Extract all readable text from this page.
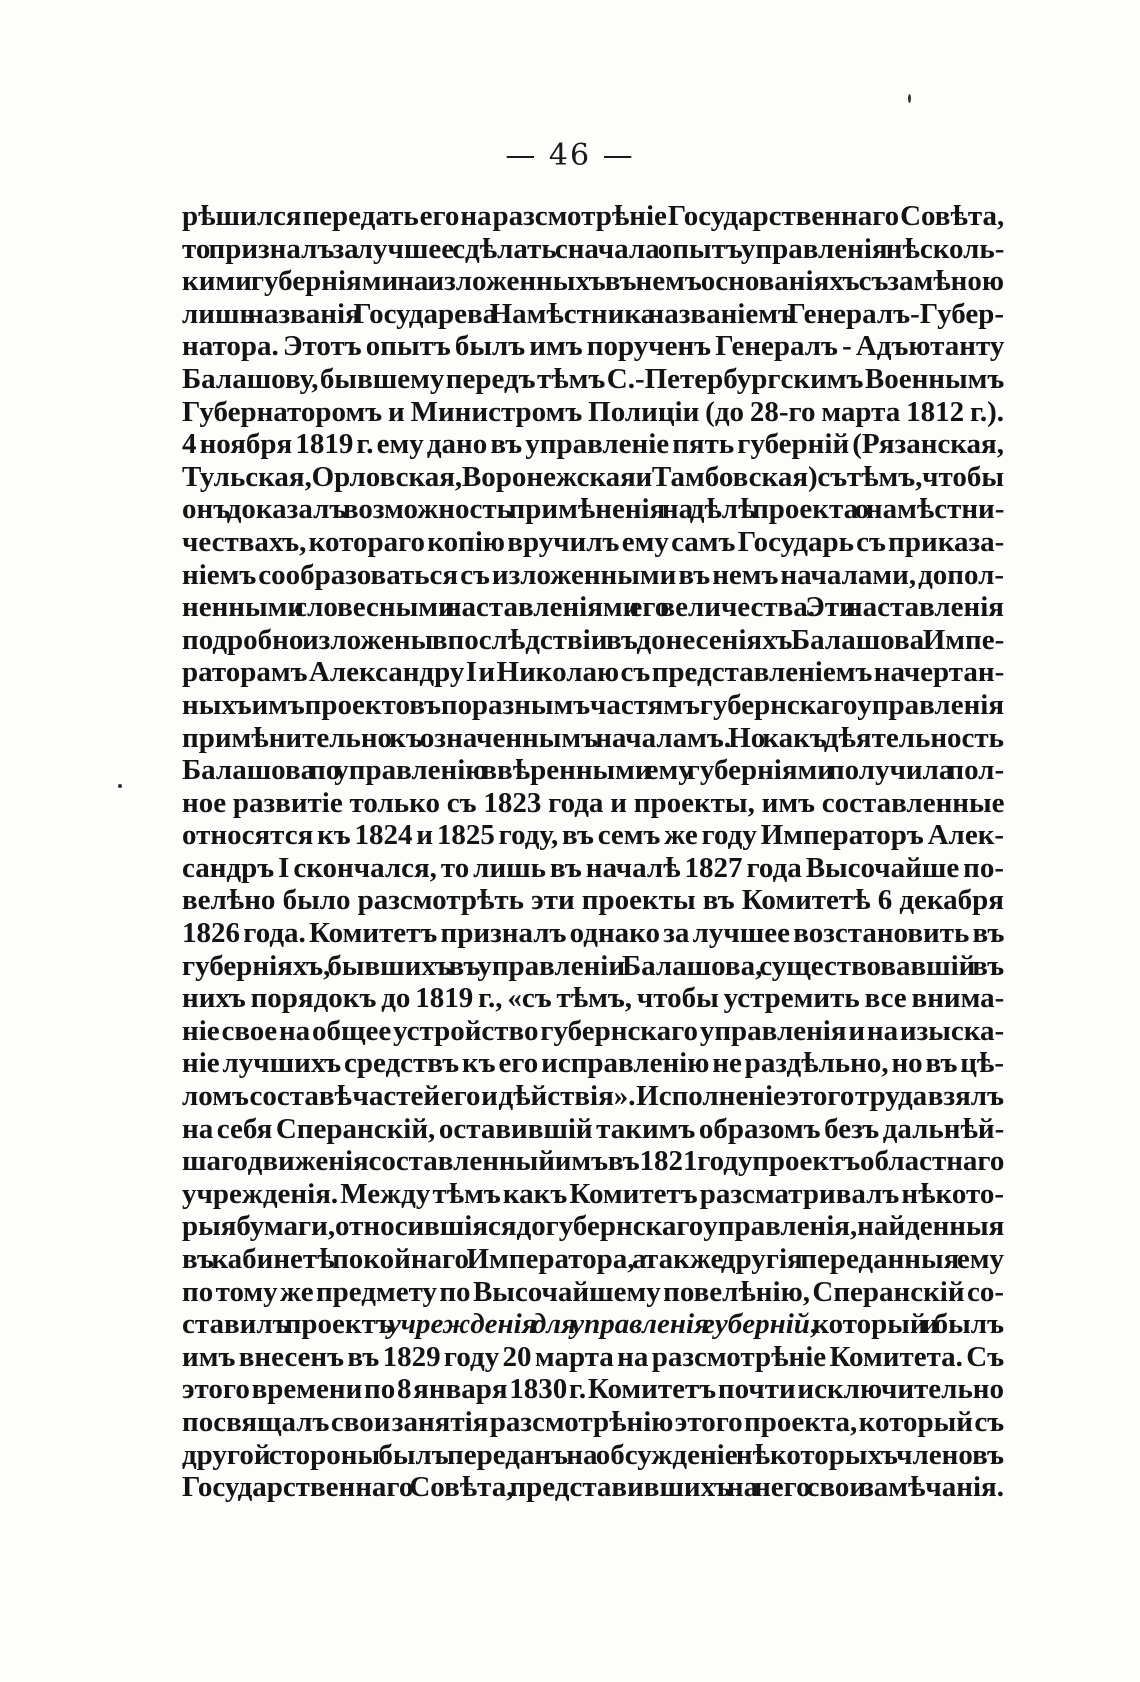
— 46 —
рѣшился передать его на разсмотрѣніе Государственнаго Совѣта,
то призналъ за лучшее сдѣлать сначала опытъ управленія нѣсколь-
кими губерніями на изложенныхъ въ немъ основаніяхъ съ замѣною
лишь названія Государева Намѣстника названіемъ Генералъ-Губер-
натора. Этотъ опытъ былъ имъ порученъ Генералъ - Адъютанту
Балашову, бывшему передъ тѣмъ С.-Петербургскимъ Военнымъ
Губернаторомъ и Министромъ Полиціи (до 28-го марта 1812 г.).
4 ноября 1819 г. ему дано въ управленіе пять губерній (Рязанская,
Тульская, Орловская, Воронежская и Тамбовская) съ тѣмъ, чтобы
онъ доказалъ возможность примѣненія на дѣлѣ проекта о намѣстни-
чествахъ, котораго копію вручилъ ему самъ Государь съ приказа-
ніемъ сообразоваться съ изложенными въ немъ началами, допол-
ненными словесными наставленіями его величества. Эти наставленія
подробно изложены впослѣдствіи въ донесеніяхъ Балашова Импе-
раторамъ Александру I и Николаю съ представленіемъ начертан-
ныхъ имъ проектовъ по разнымъ частямъ губернскаго управленія
примѣнительно къ означеннымъ началамъ. Но какъ дѣятельность
Балашова по управленію ввѣренными ему губерніями получила пол-
ное развитіе только съ 1823 года и проекты, имъ составленные
относятся къ 1824 и 1825 году, въ семъ же году Императоръ Алек-
сандръ I скончался, то лишь въ началѣ 1827 года Высочайше по-
велѣно было разсмотрѣть эти проекты въ Комитетѣ 6 декабря
1826 года. Комитетъ призналъ однако за лучшее возстановить въ
губерніяхъ, бывшихъ въ управленіи Балашова, существовавшій въ
нихъ порядокъ до 1819 г., «съ тѣмъ, чтобы устремить все внима-
ніе свое на общее устройство губернскаго управленія и на изыска-
ніе лучшихъ средствъ къ его исправленію не раздѣльно, но въ цѣ-
ломъ составѣ частей его и дѣйствія». Исполненіе этого труда взялъ
на себя Сперанскій, оставившій такимъ образомъ безъ дальнѣй-
шаго движенія составленный имъ въ 1821 году проектъ областнаго
учрежденія. Между тѣмъ какъ Комитетъ разсматривалъ нѣкото-
рыя бумаги, относившіяся до губернскаго управленія, найденныя
въ кабинетѣ покойнаго Императора, а также другія переданныя ему
по тому же предмету по Высочайшему повелѣнію, Сперанскій со-
ставилъ проектъ учрежденія для управленія губерній, который и былъ
имъ внесенъ въ 1829 году 20 марта на разсмотрѣніе Комитета. Съ
этого времени по 8 января 1830 г. Комитетъ почти исключительно
посвящалъ свои занятія разсмотрѣнію этого проекта, который съ
другой стороны былъ переданъ на обсужденіе нѣкоторыхъ членовъ
Государственнаго Совѣта, представившихъ на него свои замѣчанія.
